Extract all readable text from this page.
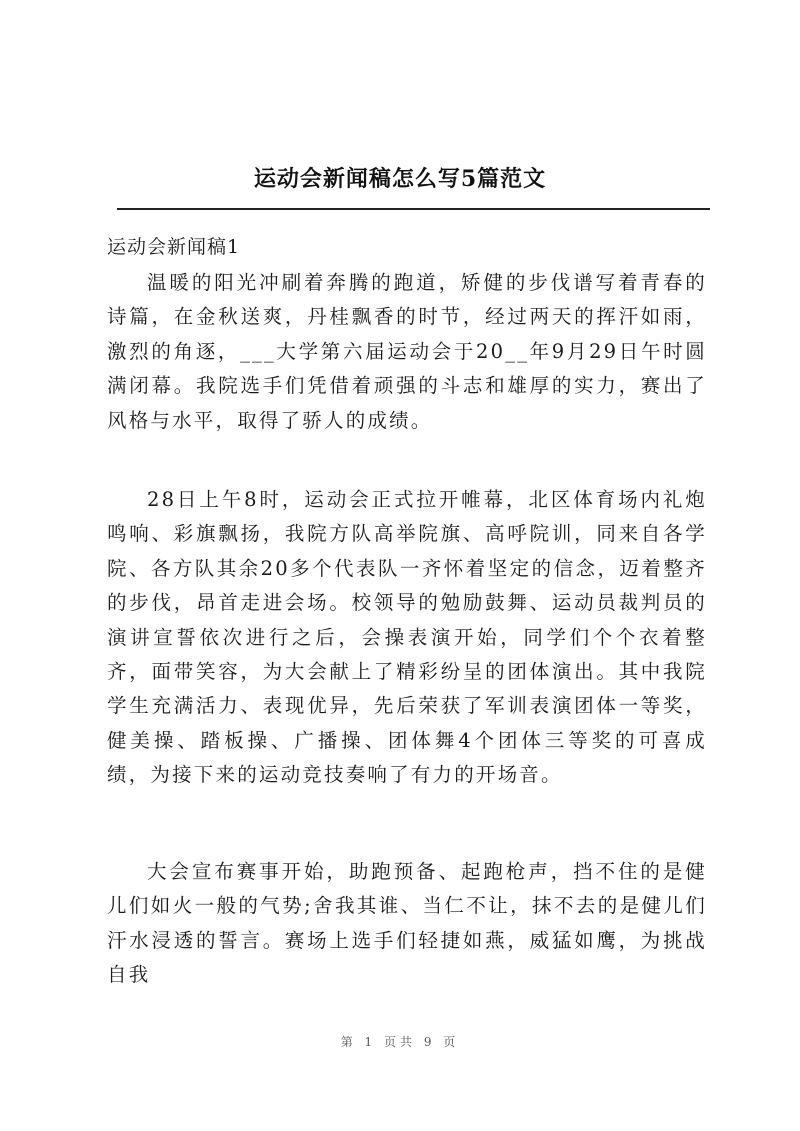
运动会新闻稿怎么写5篇范文
运动会新闻稿1

温暖的阳光冲刷着奔腾的跑道，矫健的步伐谱写着青春的诗篇，在金秋送爽，丹桂飘香的时节，经过两天的挥汗如雨，激烈的角逐，___大学第六届运动会于20__年9月29日午时圆满闭幕。我院选手们凭借着顽强的斗志和雄厚的实力，赛出了风格与水平，取得了骄人的成绩。

28日上午8时，运动会正式拉开帷幕，北区体育场内礼炮鸣响、彩旗飘扬，我院方队高举院旗、高呼院训，同来自各学院、各方队其余20多个代表队一齐怀着坚定的信念，迈着整齐的步伐，昂首走进会场。校领导的勉励鼓舞、运动员裁判员的演讲宣誓依次进行之后，会操表演开始，同学们个个衣着整齐，面带笑容，为大会献上了精彩纷呈的团体演出。其中我院学生充满活力、表现优异，先后荣获了军训表演团体一等奖，健美操、踏板操、广播操、团体舞4个团体三等奖的可喜成绩，为接下来的运动竞技奏响了有力的开场音。

大会宣布赛事开始，助跑预备、起跑枪声，挡不住的是健儿们如火一般的气势;舍我其谁、当仁不让，抹不去的是健儿们汗水浸透的誓言。赛场上选手们轻捷如燕，威猛如鹰，为挑战自我

第 1 页共 9 页
